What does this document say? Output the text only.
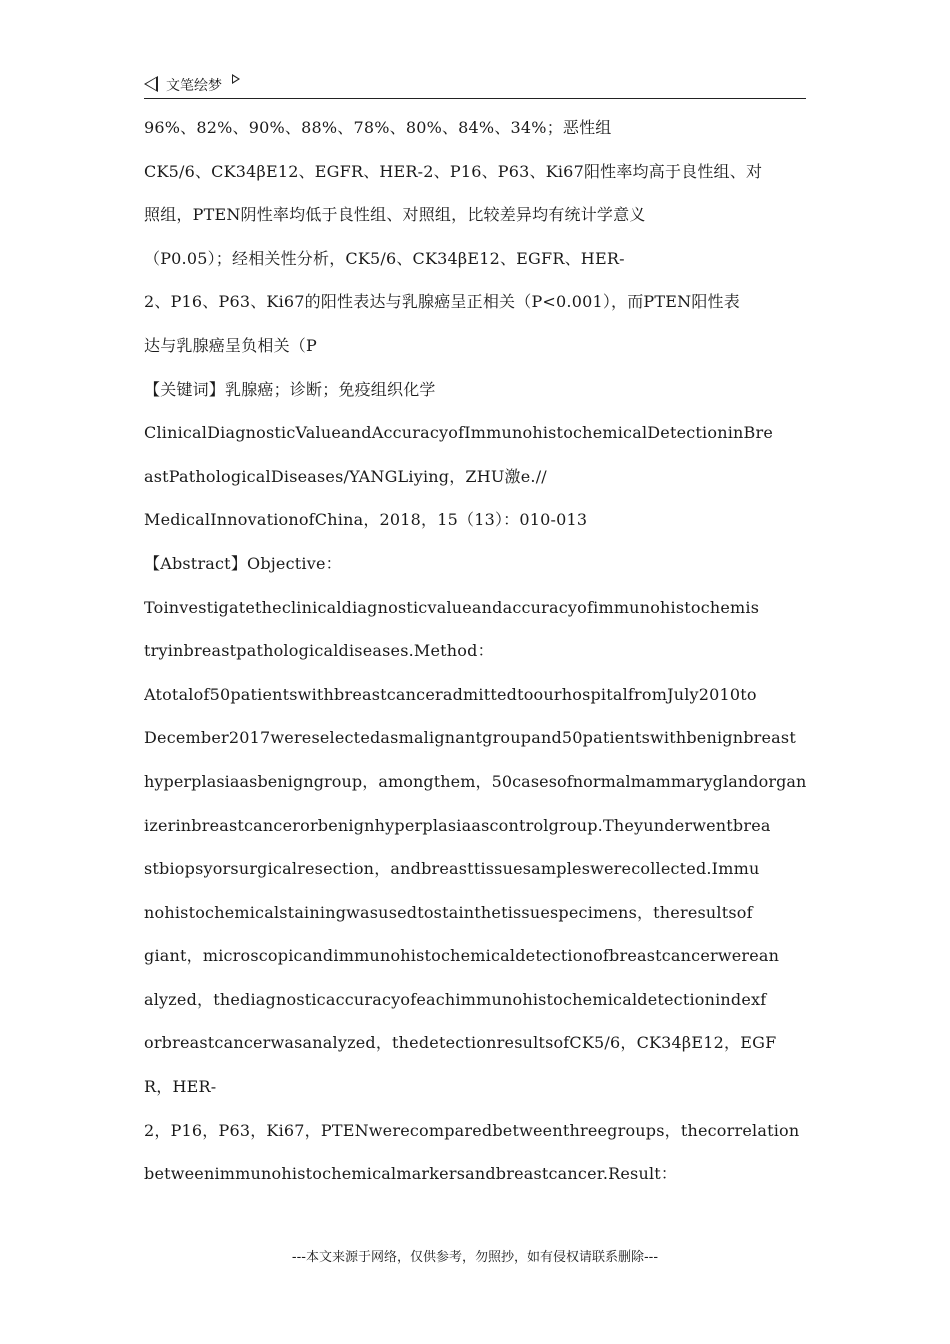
文笔绘梦
96%、82%、90%、88%、78%、80%、84%、34%；恶性组
CK5/6、CK34βE12、EGFR、HER-2、P16、P63、Ki67阳性率均高于良性组、对
照组，PTEN阴性率均低于良性组、对照组，比较差异均有统计学意义
（P0.05）；经相关性分析，CK5/6、CK34βE12、EGFR、HER-
2、P16、P63、Ki67的阳性表达与乳腺癌呈正相关（P<0.001），而PTEN阳性表
达与乳腺癌呈负相关（P
【关键词】乳腺癌；诊断；免疫组织化学
ClinicalDiagnosticValueandAccuracyofImmunohistochemicalDetectioninBre
astPathologicalDiseases/YANGLiying，ZHU激e.//
MedicalInnovationofChina，2018，15（13）：010-013
【Abstract】Objective：
Toinvestigatetheclinicaldiagnosticvalueandaccuracyofimmunohistochemis
tryinbreastpathologicaldiseases.Method：
Atotalof50patientswithbreastcanceradmittedtoourhospitalfromJuly2010to
December2017wereselectedasmalignantgroupand50patientswithbenignbreast
hyperplasiaasbenigngroup，amongthem，50casesofnormalmammaryglandorgan
izerinbreastcancerorbenignhyperplasiaascontrolgroup.Theyunderwentbrea
stbiopsyorsurgicalresection，andbreasttissuesampleswerecollected.Immu
nohistochemicalstainingwasusedtostainthetissuespecimens，theresultsof
giant，microscopicandimmunohistochemicaldetectionofbreastcancerwerean
alyzed，thediagnosticaccuracyofeachimmunohistochemicaldetectionindexf
orbreastcancerwasanalyzed，thedetectionresultsofCK5/6，CK34βE12，EGF
R，HER-
2，P16，P63，Ki67，PTENwerecomparedbetweenthreegroups，thecorrelation
betweenimmunohistochemicalmarkersandbreastcancer.Result：
---本文来源于网络，仅供参考，勿照抄，如有侵权请联系删除---
